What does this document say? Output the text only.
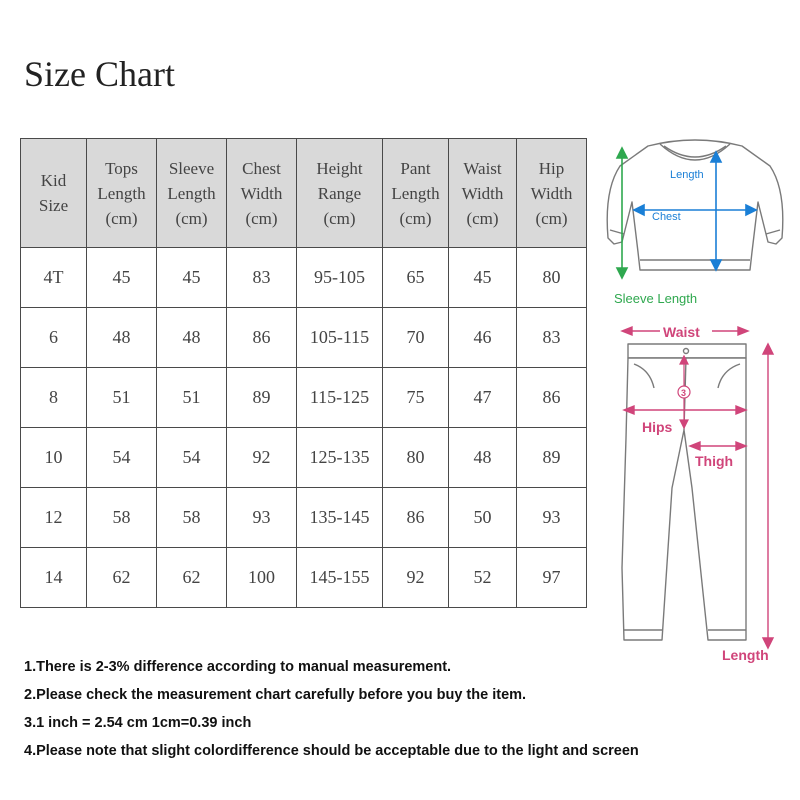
Size Chart
Kid
Size	Tops
Length
(cm)	Sleeve
Length
(cm)	Chest
Width
(cm)	Height
Range
(cm)	Pant
Length
(cm)	Waist
Width
(cm)	Hip
Width
(cm)

4T	45	45	83	95-105	65	45	80
6	48	48	86	105-115	70	46	83
8	51	51	89	115-125	75	47	86
10	54	54	92	125-135	80	48	89
12	58	58	93	135-145	86	50	93
14	62	62	100	145-155	92	52	97
Length
Chest
Sleeve Length
Waist
3
Hips
Thigh
Length
1.There is 2-3% difference according to manual measurement.
2.Please check the measurement chart carefully before you buy the item.
3.1 inch = 2.54 cm 1cm=0.39 inch
4.Please note that slight colordifference should be acceptable due to the light and screen
